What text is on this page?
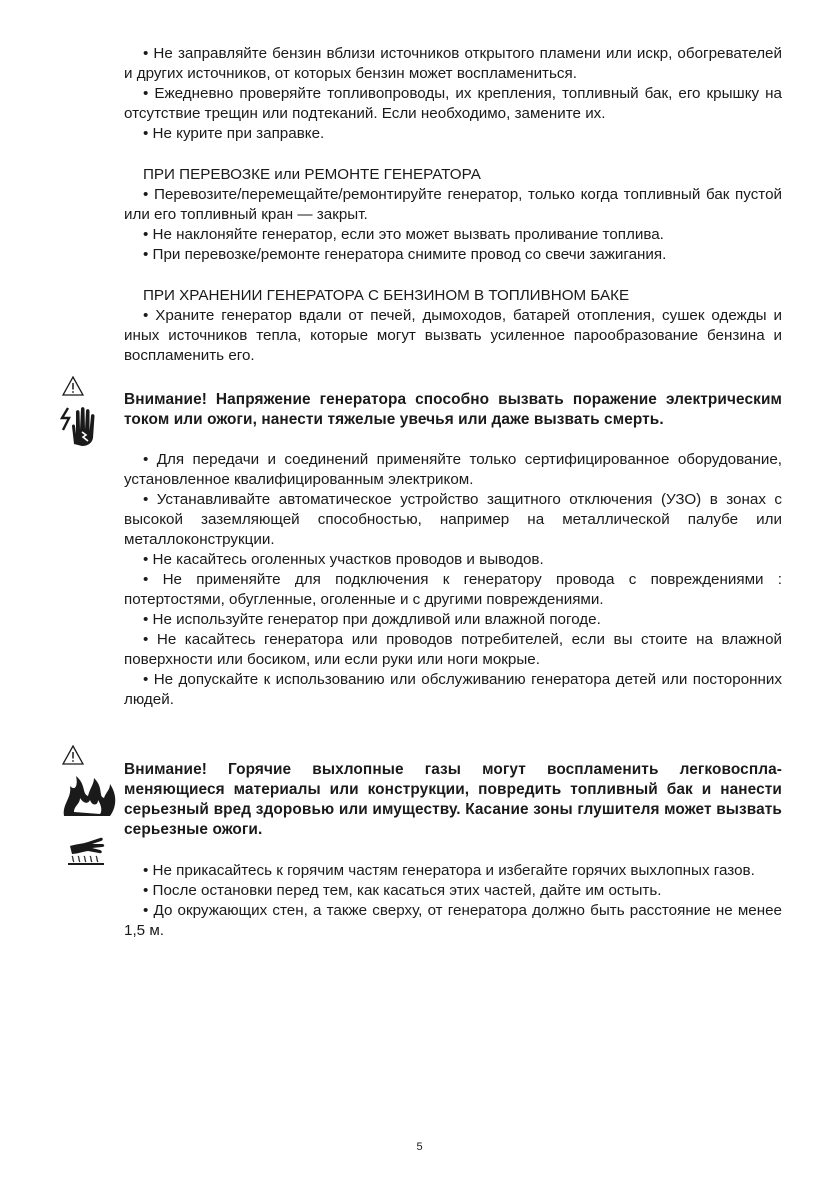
• Не заправляйте бензин вблизи источников открытого пламени или искр, обогревателей и других источников, от которых бензин может воспламениться.

• Ежедневно проверяйте топливопроводы, их крепления, топливный бак, его крышку на отсутствие трещин или подтеканий. Если необходимо, замените их.

• Не курите при заправке.

ПРИ ПЕРЕВОЗКЕ или РЕМОНТЕ ГЕНЕРАТОРА

• Перевозите/перемещайте/ремонтируйте генератор, только когда топливный бак пустой или его топливный кран — закрыт.

• Не наклоняйте генератор, если это может вызвать проливание топлива.

• При перевозке/ремонте генератора снимите провод со свечи зажигания.

ПРИ ХРАНЕНИИ ГЕНЕРАТОРА С БЕНЗИНОМ В ТОПЛИВНОМ БАКЕ

• Храните генератор вдали от печей, дымоходов, батарей отопления, сушек одежды и иных источников тепла, которые могут вызвать усиленное парообразование бензина и воспламенить его.

Внимание! Напряжение генератора способно вызвать поражение электрическим током или ожоги, нанести тяжелые увечья или даже вызвать смерть.

• Для передачи и соединений применяйте только сертифицированное оборудование, установленное квалифицированным электриком.

• Устанавливайте автоматическое устройство защитного отключения (УЗО) в зонах с высокой заземляющей способностью, например на металлической палубе или металлоконструкции.

• Не касайтесь оголенных участков проводов и выводов.

• Не применяйте для подключения к генератору провода с повреждениями : потертостями, обугленные, оголенные и с другими повреждениями.

• Не используйте генератор при дождливой или влажной погоде.

• Не касайтесь генератора или проводов потребителей, если вы стоите на влажной поверхности или босиком, или если руки или ноги мокрые.

• Не допускайте к использованию или обслуживанию генератора детей или посторонних людей.

Внимание! Горячие выхлопные газы могут воспламенить легковоспла-меняющиеся материалы или конструкции, повредить топливный бак и нанести серьезный вред здоровью или имуществу. Касание зоны глушителя может вызвать серьезные ожоги.

• Не прикасайтесь к горячим частям генератора и избегайте горячих выхлопных газов.

• После остановки перед тем, как касаться этих частей, дайте им остыть.

• До окружающих стен, а также сверху, от генератора должно быть расстояние не менее 1,5 м.

5
